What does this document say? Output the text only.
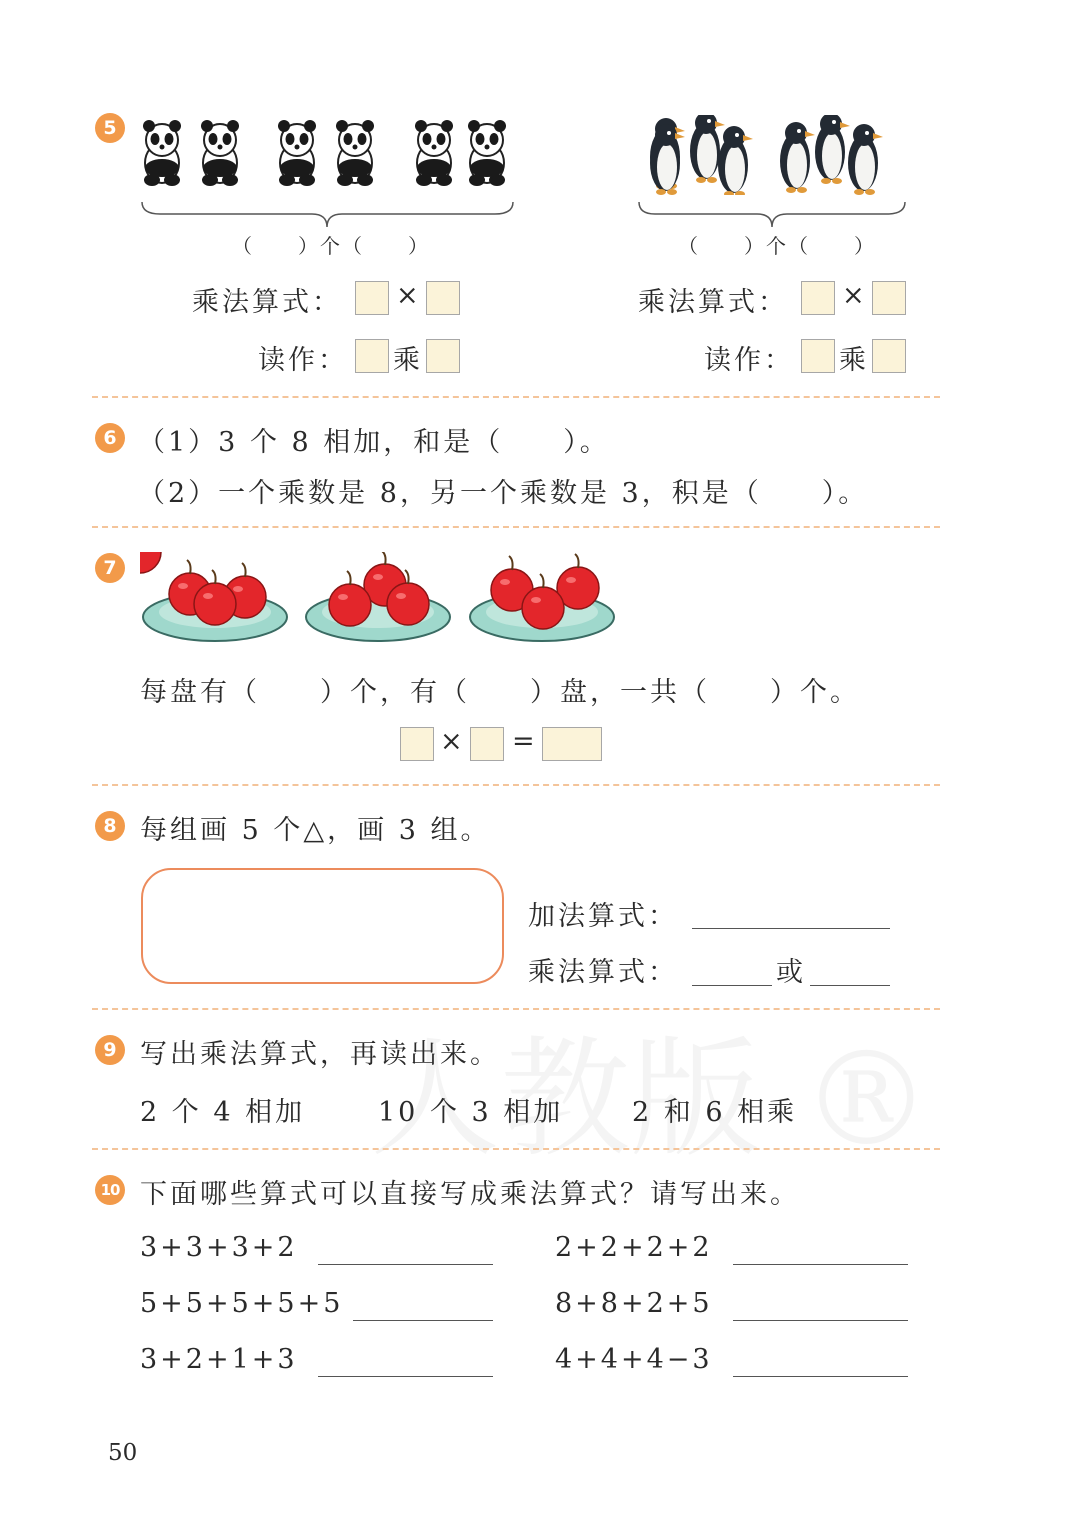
5
（　　）个（　　）	（　　）个（　　）
乘法算式： ×
读作： 乘
乘法算式： ×
读作： 乘
6 （1）3 个 8 相加，和是（　　）。
（2）一个乘数是 8，另一个乘数是 3，积是（　　）。
7
每盘有（　　）个，有（　　）盘，一共（　　）个。
× =
8 每组画 5 个△，画 3 组。
加法算式：
乘法算式：	或
9 写出乘法算式，再读出来。
2 个 4 相加	10 个 3 相加	2 和 6 相乘
10 下面哪些算式可以直接写成乘法算式？请写出来。
3+3+3+2	2+2+2+2
5+5+5+5+5	8+8+2+5
3+2+1+3	4+4+4−3
50
